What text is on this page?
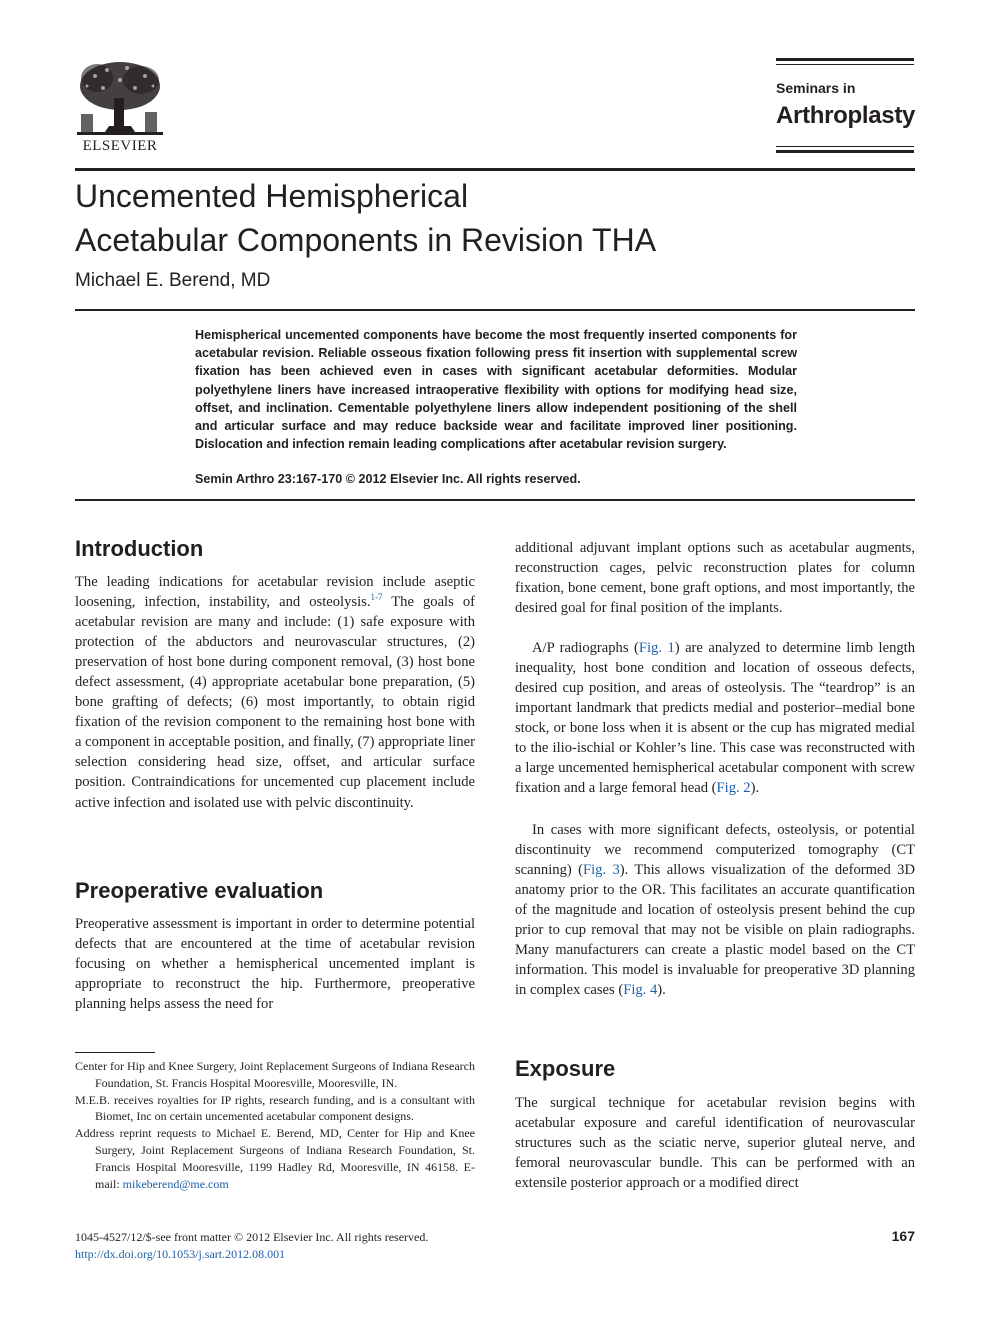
ELSEVIER
Seminars in
Arthroplasty
Uncemented Hemispherical
Acetabular Components in Revision THA
Michael E. Berend, MD

Hemispherical uncemented components have become the most frequently inserted components for acetabular revision. Reliable osseous fixation following press fit insertion with supplemental screw fixation has been achieved even in cases with significant acetabular deformities. Modular polyethylene liners have increased intraoperative flexibility with options for modifying head size, offset, and inclination. Cementable polyethylene liners allow independent positioning of the shell and articular surface and may reduce backside wear and facilitate improved liner positioning. Dislocation and infection remain leading complications after acetabular revision surgery.

Semin Arthro 23:167-170 © 2012 Elsevier Inc. All rights reserved.
Introduction
The leading indications for acetabular revision include aseptic loosening, infection, instability, and osteolysis.$^{1-7}$ The goals of acetabular revision are many and include: (1) safe exposure with protection of the abductors and neurovascular structures, (2) preservation of host bone during component removal, (3) host bone defect assessment, (4) appropriate acetabular bone preparation, (5) bone grafting of defects; (6) most importantly, to obtain rigid fixation of the revision component to the remaining host bone with a component in acceptable position, and finally, (7) appropriate liner selection considering head size, offset, and articular surface position. Contraindications for uncemented cup placement include active infection and isolated use with pelvic discontinuity.
Preoperative evaluation
Preoperative assessment is important in order to determine potential defects that are encountered at the time of acetabular revision focusing on whether a hemispherical uncemented implant is appropriate to reconstruct the hip. Furthermore, preoperative planning helps assess the need for

Center for Hip and Knee Surgery, Joint Replacement Surgeons of Indiana Research Foundation, St. Francis Hospital Mooresville, Mooresville, IN.

M.E.B. receives royalties for IP rights, research funding, and is a consultant with Biomet, Inc on certain uncemented acetabular component designs.

Address reprint requests to Michael E. Berend, MD, Center for Hip and Knee Surgery, Joint Replacement Surgeons of Indiana Research Foundation, St. Francis Hospital Mooresville, 1199 Hadley Rd, Mooresville, IN 46158. E-mail: mikeberend@me.com

additional adjuvant implant options such as acetabular augments, reconstruction cages, pelvic reconstruction plates for column fixation, bone cement, bone graft options, and most importantly, the desired goal for final position of the implants.
A/P radiographs (Fig. 1) are analyzed to determine limb length inequality, host bone condition and location of osseous defects, desired cup position, and areas of osteolysis. The “teardrop” is an important landmark that predicts medial and posterior–medial bone stock, or bone loss when it is absent or the cup has migrated medial to the ilio-ischial or Kohler’s line. This case was reconstructed with a large uncemented hemispherical acetabular component with screw fixation and a large femoral head (Fig. 2).
In cases with more significant defects, osteolysis, or potential discontinuity we recommend computerized tomography (CT scanning) (Fig. 3). This allows visualization of the deformed 3D anatomy prior to the OR. This facilitates an accurate quantification of the magnitude and location of osteolysis present behind the cup prior to cup removal that may not be visible on plain radiographs. Many manufacturers can create a plastic model based on the CT information. This model is invaluable for preoperative 3D planning in complex cases (Fig. 4).
Exposure
The surgical technique for acetabular revision begins with acetabular exposure and careful identification of neurovascular structures such as the sciatic nerve, superior gluteal nerve, and femoral neurovascular bundle. This can be performed with an extensile posterior approach or a modified direct
1045-4527/12/$-see front matter © 2012 Elsevier Inc. All rights reserved.
http://dx.doi.org/10.1053/j.sart.2012.08.001
167
